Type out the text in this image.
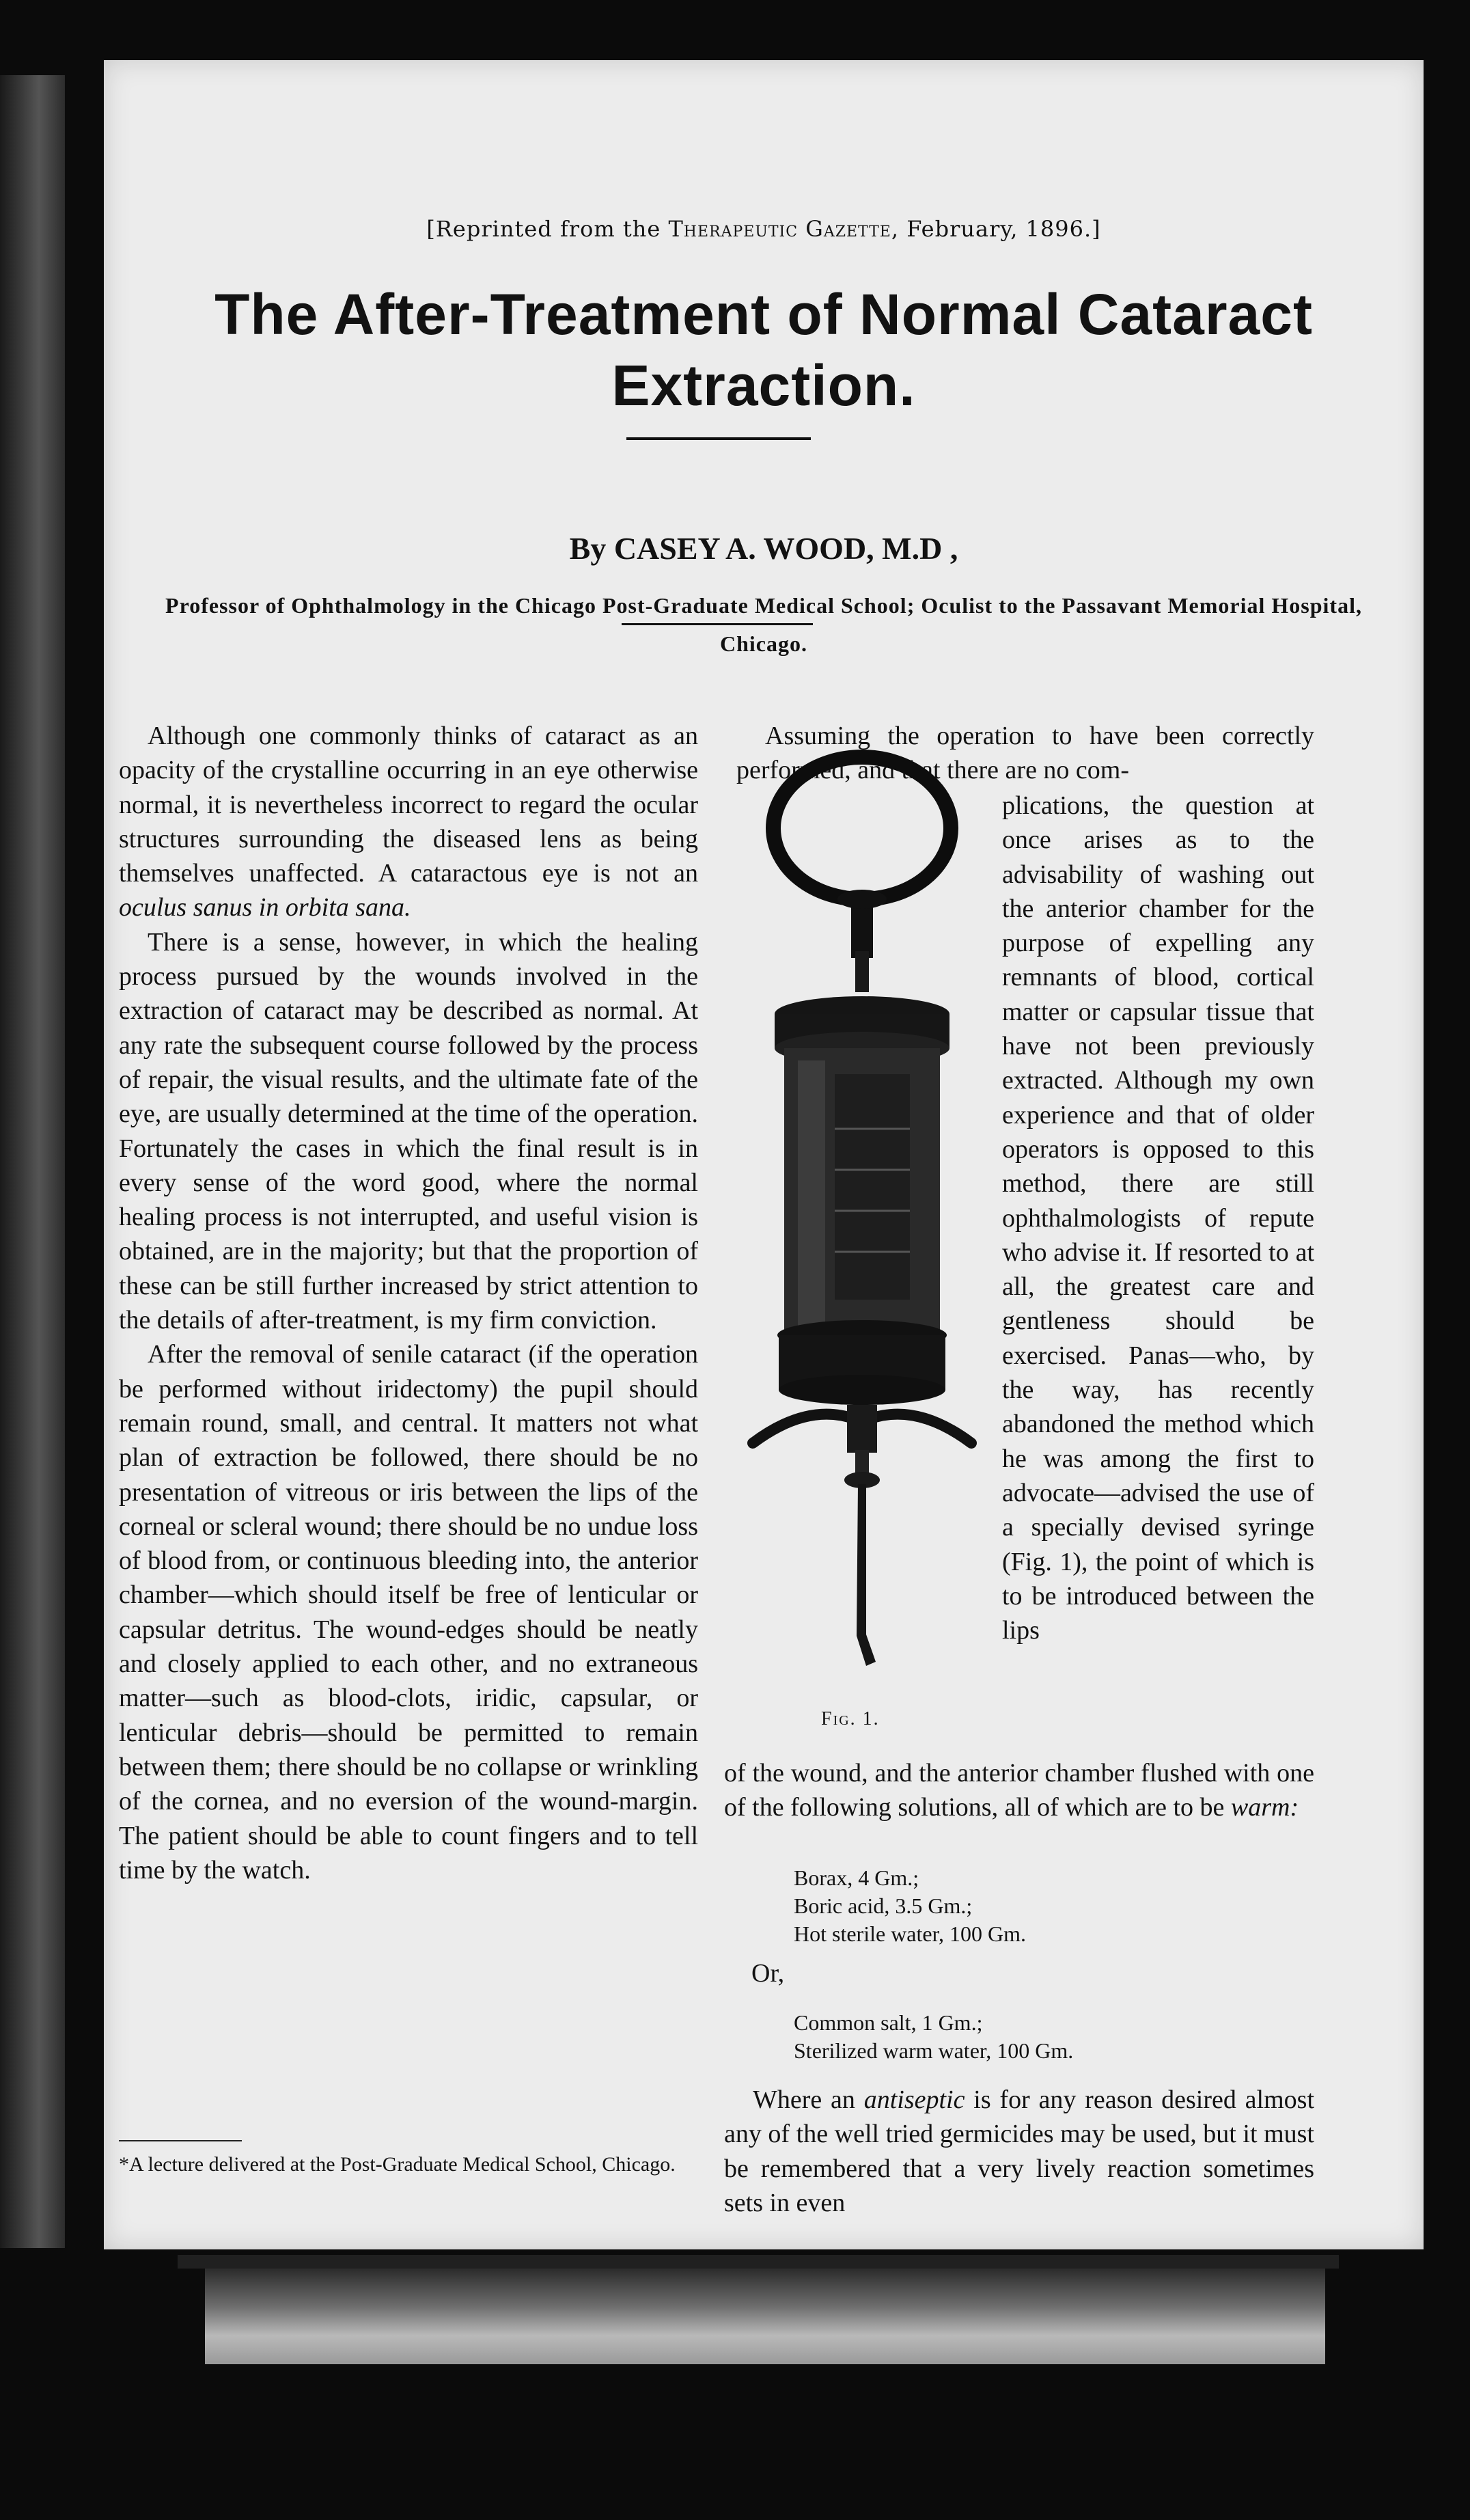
[Reprinted from the Therapeutic Gazette, February, 1896.]
The After-Treatment of Normal Cataract Extraction.
By CASEY A. WOOD, M.D ,
Professor of Ophthalmology in the Chicago Post-Graduate Medical School; Oculist to the Passavant Memorial Hospital, Chicago.

Although one commonly thinks of cataract as an opacity of the crystalline occurring in an eye otherwise normal, it is nevertheless incorrect to regard the ocular structures surrounding the diseased lens as being themselves unaffected. A cataractous eye is not an oculus sanus in orbita sana.

There is a sense, however, in which the healing process pursued by the wounds involved in the extraction of cataract may be described as normal. At any rate the subsequent course followed by the process of repair, the visual results, and the ultimate fate of the eye, are usually determined at the time of the operation. Fortunately the cases in which the final result is in every sense of the word good, where the normal healing process is not interrupted, and useful vision is obtained, are in the majority; but that the proportion of these can be still further increased by strict attention to the details of after-treatment, is my firm conviction.

After the removal of senile cataract (if the operation be performed without iridectomy) the pupil should remain round, small, and central. It matters not what plan of extraction be followed, there should be no presentation of vitreous or iris between the lips of the corneal or scleral wound; there should be no undue loss of blood from, or continuous bleeding into, the anterior chamber—which should itself be free of lenticular or capsular detritus. The wound-edges should be neatly and closely applied to each other, and no extraneous matter—such as blood-clots, iridic, capsular, or lenticular debris—should be permitted to remain between them; there should be no collapse or wrinkling of the cornea, and no eversion of the wound-margin. The patient should be able to count fingers and to tell time by the watch.

*A lecture delivered at the Post-Graduate Medical School, Chicago.

Assuming the operation to have been correctly performed, and that there are no com-

plications, the question at once arises as to the advisability of washing out the anterior chamber for the purpose of expelling any remnants of blood, cortical matter or capsular tissue that have not been previously extracted. Although my own experience and that of older operators is opposed to this method, there are still ophthalmologists of repute who advise it. If resorted to at all, the greatest care and gentleness should be exercised. Panas—who, by the way, has recently abandoned the method which he was among the first to advocate—advised the use of a specially devised syringe (Fig. 1), the point of which is to be introduced between the lips

Fig. 1.

of the wound, and the anterior chamber flushed with one of the following solutions, all of which are to be warm:

Borax, 4 Gm.;
Boric acid, 3.5 Gm.;
Hot sterile water, 100 Gm.
Or,
Common salt, 1 Gm.;
Sterilized warm water, 100 Gm.

Where an antiseptic is for any reason desired almost any of the well tried germicides may be used, but it must be remembered that a very lively reaction sometimes sets in even
